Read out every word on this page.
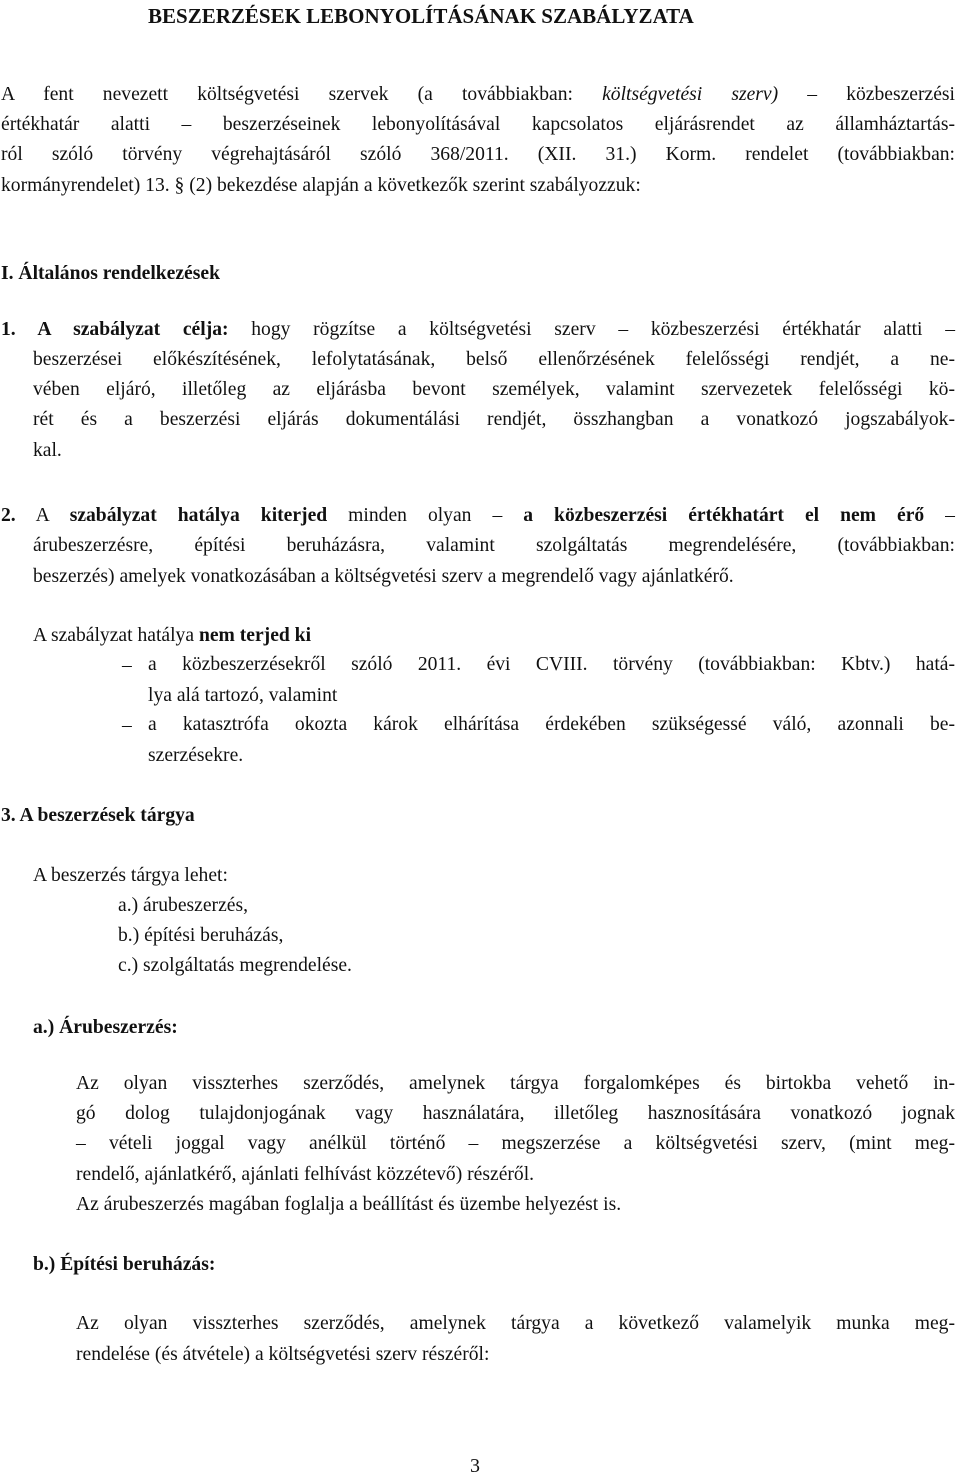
BESZERZÉSEK LEBONYOLÍTÁSÁNAK SZABÁLYZATA
A fent nevezett költségvetési szervek (a továbbiakban: költségvetési szerv) – közbeszerzési
értékhatár alatti – beszerzéseinek lebonyolításával kapcsolatos eljárásrendet az államháztartás-
ról szóló törvény végrehajtásáról szóló 368/2011. (XII. 31.) Korm. rendelet (továbbiakban:
kormányrendelet) 13. § (2) bekezdése alapján a következők szerint szabályozzuk:
I. Általános rendelkezések
1. A szabályzat célja: hogy rögzítse a költségvetési szerv – közbeszerzési értékhatár alatti –
beszerzései előkészítésének, lefolytatásának, belső ellenőrzésének felelősségi rendjét, a ne-
vében eljáró, illetőleg az eljárásba bevont személyek, valamint szervezetek felelősségi kö-
rét és a beszerzési eljárás dokumentálási rendjét, összhangban a vonatkozó jogszabályok-
kal.
2. A szabályzat hatálya kiterjed minden olyan – a közbeszerzési értékhatárt el nem érő –
árubeszerzésre, építési beruházásra, valamint szolgáltatás megrendelésére, (továbbiakban:
beszerzés) amelyek vonatkozásában a költségvetési szerv a megrendelő vagy ajánlatkérő.
A szabályzat hatálya nem terjed ki
– a közbeszerzésekről szóló 2011. évi CVIII. törvény (továbbiakban: Kbtv.) hatá-
lya alá tartozó, valamint
– a katasztrófa okozta károk elhárítása érdekében szükségessé váló, azonnali be-
szerzésekre.
3. A beszerzések tárgya
A beszerzés tárgya lehet:
a.) árubeszerzés,
b.) építési beruházás,
c.) szolgáltatás megrendelése.
a.) Árubeszerzés:
Az olyan visszterhes szerződés, amelynek tárgya forgalomképes és birtokba vehető in-
gó dolog tulajdonjogának vagy használatára, illetőleg hasznosítására vonatkozó jognak
– vételi joggal vagy anélkül történő – megszerzése a költségvetési szerv, (mint meg-
rendelő, ajánlatkérő, ajánlati felhívást közzétevő) részéről.
Az árubeszerzés magában foglalja a beállítást és üzembe helyezést is.
b.) Építési beruházás:
Az olyan visszterhes szerződés, amelynek tárgya a következő valamelyik munka meg-
rendelése (és átvétele) a költségvetési szerv részéről:
3
